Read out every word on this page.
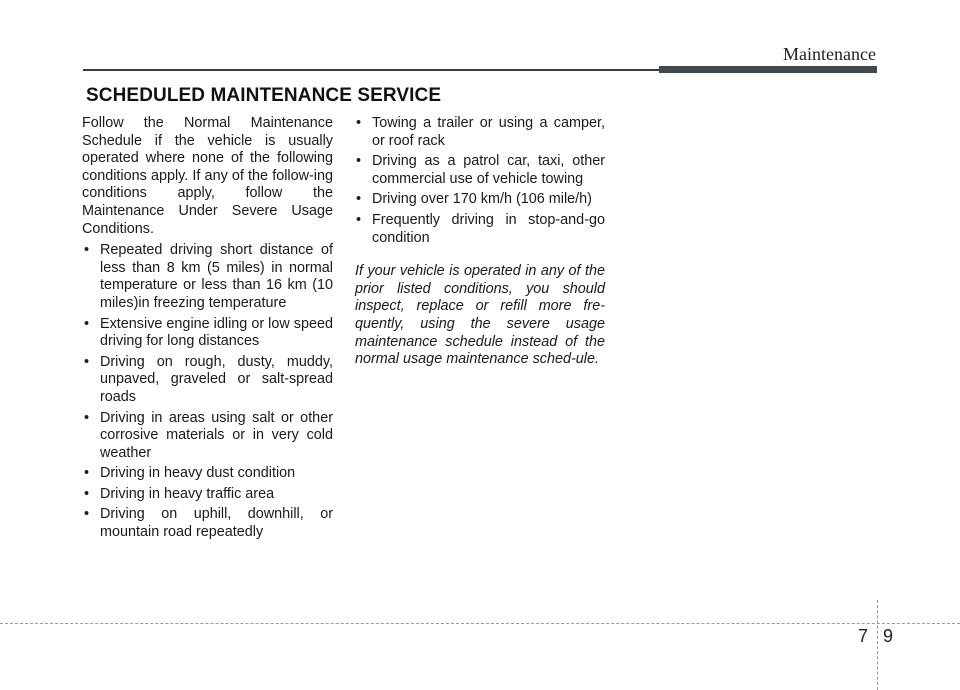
Maintenance
SCHEDULED MAINTENANCE SERVICE

Follow the Normal Maintenance Schedule if the vehicle is usually operated where none of the following conditions apply. If any of the follow-ing conditions apply, follow the Maintenance Under Severe Usage Conditions.

• Repeated driving short distance of less than 8 km (5 miles) in normal temperature or less than 16 km (10 miles)in freezing temperature
• Extensive engine idling or low speed driving for long distances
• Driving on rough, dusty, muddy, unpaved, graveled or salt-spread roads
• Driving in areas using salt or other corrosive materials or in very cold weather
• Driving in heavy dust condition
• Driving in heavy traffic area
• Driving on uphill, downhill, or mountain road repeatedly
• Towing a trailer or using a camper, or roof rack
• Driving as a patrol car, taxi, other commercial use of vehicle towing
• Driving over 170 km/h (106 mile/h)
• Frequently driving in stop-and-go condition

If your vehicle is operated in any of the prior listed conditions, you should inspect, replace or refill more fre-quently, using the severe usage maintenance schedule instead of the normal usage maintenance sched-ule.

7 9
